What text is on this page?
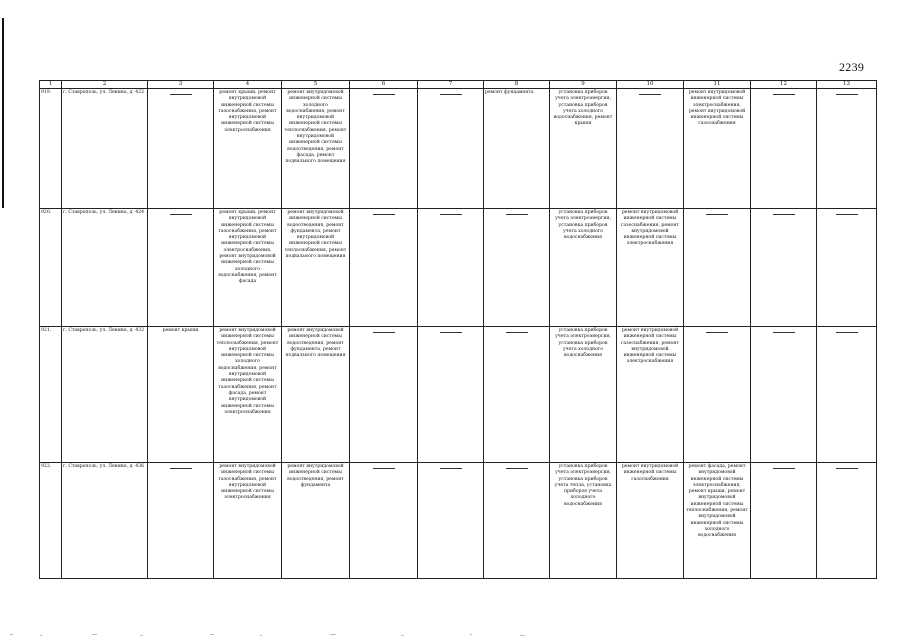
2239
1	2	3	4	5	6	7	8	9	10	11	12	13
919.	г. Ставрополь, ул. Ленина, д. 422		ремонт крыши, ремонт внутридомовой инженерной системы газоснабжения, ремонт внутридомовой инженерной системы электроснабжения	ремонт внутридомовой инженерной системы холодного водоснабжения, ремонт внутридомовой инженерной системы теплоснабжения, ремонт внутридомовой инженерной системы водоотведения, ремонт фасада, ремонт подвального помещения			ремонт фундамента	установка приборов учета электроэнергии, установка приборов учета холодного водоснабжения, ремонт крыши		ремонт внутридомовой инженерной системы электроснабжения, ремонт внутридомовой инженерной системы газоснабжения	

920.	г. Ставрополь, ул. Ленина, д. 424		ремонт крыши, ремонт внутридомовой инженерной системы газоснабжения, ремонт внутридомовой инженерной системы электроснабжения, ремонт внутридомовой инженерной системы холодного водоснабжения, ремонт фасада	ремонт внутридомовой инженерной системы водоотведения, ремонт фундамента, ремонт внутридомовой инженерной системы теплоснабжения, ремонт подвального помещения				установка приборов учета электроэнергии, установка приборов учета холодного водоснабжения	ремонт внутридомовой инженерной системы газоснабжения, ремонт внутридомовой инженерной системы электроснабжения	

921.	г. Ставрополь, ул. Ленина, д. 432	ремонт крыши	ремонт внутридомовой инженерной системы теплоснабжения, ремонт внутридомовой инженерной системы холодного водоснабжения, ремонт внутридомовой инженерной системы газоснабжения, ремонт фасада, ремонт внутридомовой инженерной системы электроснабжения	ремонт внутридомовой инженерной системы водоотведения, ремонт фундамента, ремонт подвального помещения				установка приборов учета электроэнергии, установка приборов учета холодного водоснабжения	ремонт внутридомовой инженерной системы газоснабжения, ремонт внутридомовой инженерной системы электроснабжения	

922.	г. Ставрополь, ул. Ленина, д. 436		ремонт внутридомовой инженерной системы газоснабжения, ремонт внутридомовой инженерной системы электроснабжения	ремонт внутридомовой инженерной системы водоотведения, ремонт фундамента				установка приборов учета электроэнергии, установка приборов учета тепла, установка приборов учета холодного водоснабжения	ремонт внутридомовой инженерной системы газоснабжения	ремонт фасада, ремонт внутридомовой инженерной системы электроснабжения, ремонт крыши, ремонт внутридомовой инженерной системы теплоснабжения, ремонт внутридомовой инженерной системы холодного водоснабжения	
